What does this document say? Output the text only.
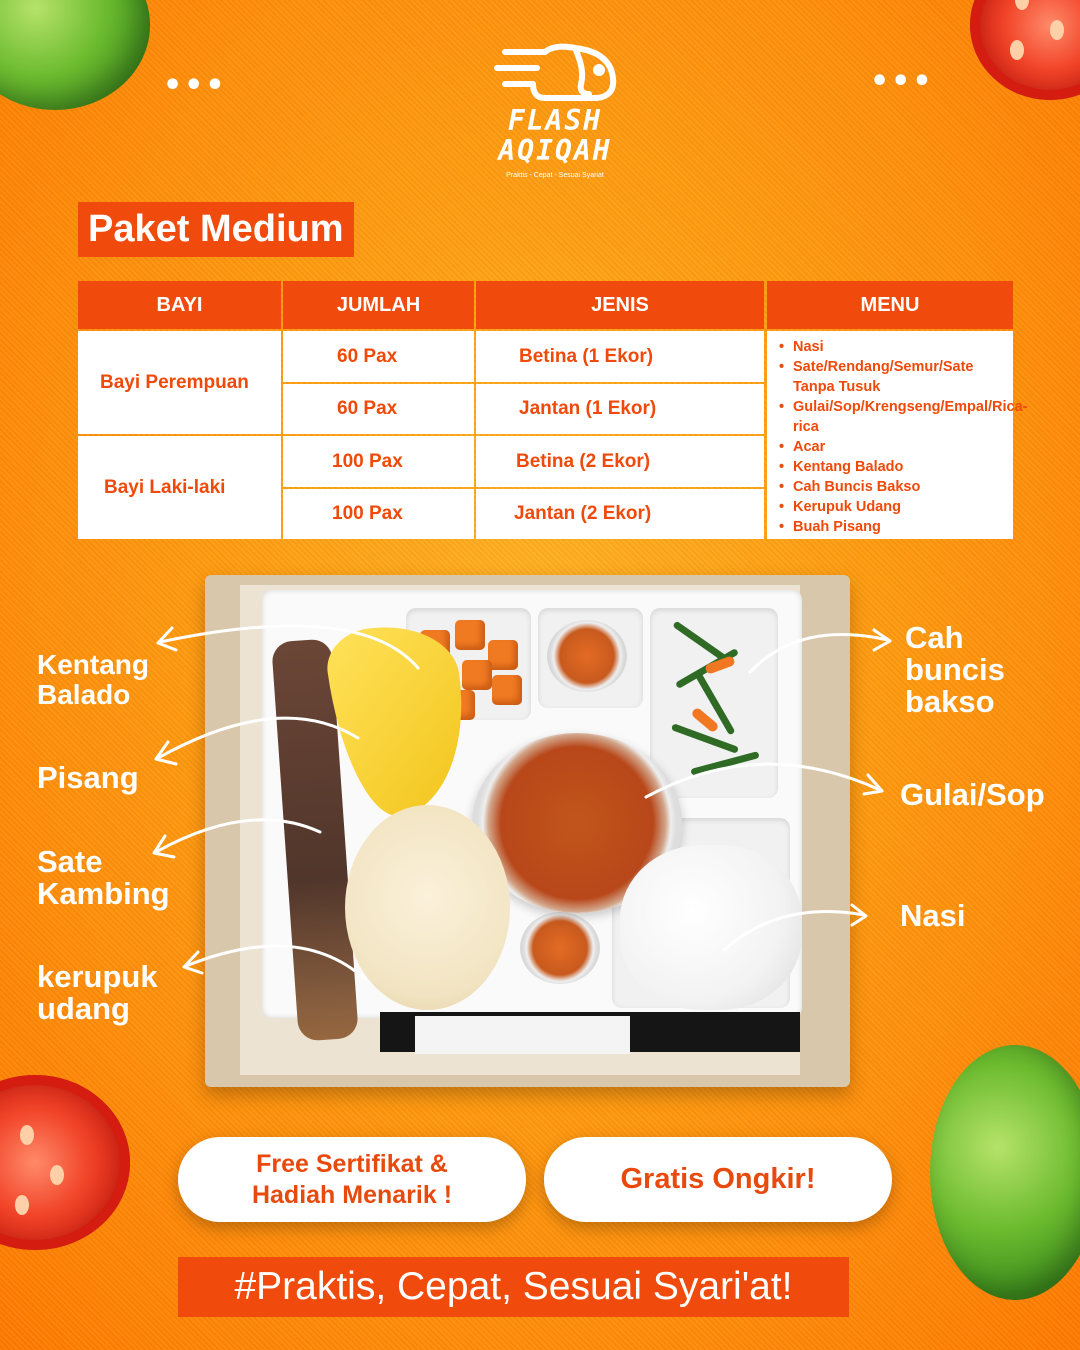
•••	•••
FLASH
AQIQAH
Praktis - Cepat - Sesuai Syariat
Paket Medium
BAYI	JUMLAH	JENIS	MENU
Bayi Perempuan
60 Pax	Betina (1 Ekor)
60 Pax	Jantan (1 Ekor)
Bayi Laki-laki
100 Pax	Betina (2 Ekor)
100 Pax	Jantan (2 Ekor)
• Nasi
• Sate/Rendang/Semur/Sate Tanpa Tusuk
• Gulai/Sop/Krengseng/Empal/Rica-rica
• Acar
• Kentang Balado
• Cah Buncis Bakso
• Kerupuk Udang
• Buah Pisang
Kentang
Balado
Pisang
Sate
Kambing
kerupuk
udang
Cah
buncis
bakso
Gulai/Sop
Nasi
Free Sertifikat &
Hadiah Menarik !	Gratis Ongkir!
#Praktis, Cepat, Sesuai Syari'at!
